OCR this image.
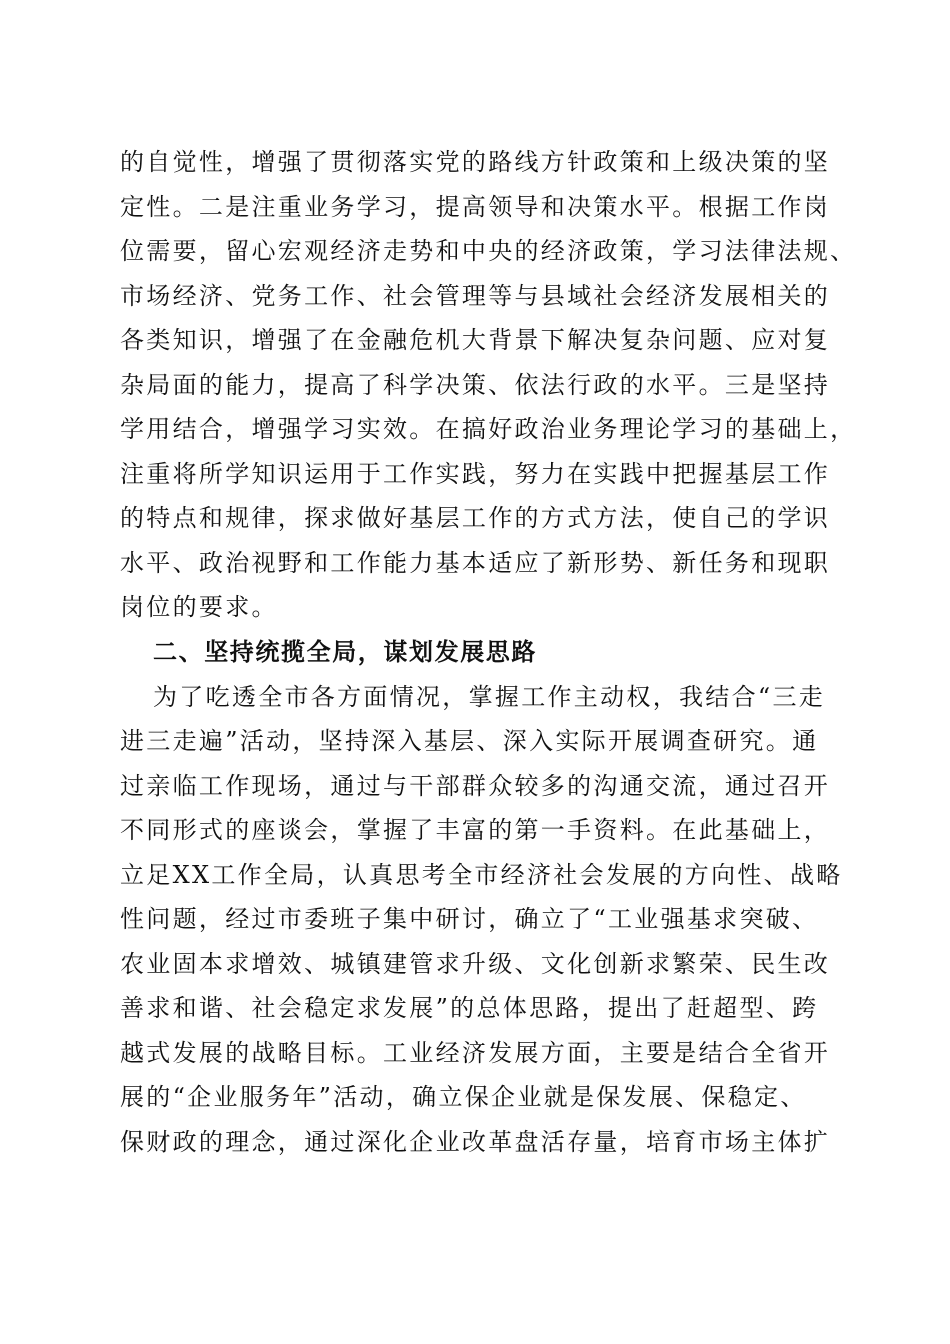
的自觉性，增强了贯彻落实党的路线方针政策和上级决策的坚
定性。二是注重业务学习，提高领导和决策水平。根据工作岗
位需要，留心宏观经济走势和中央的经济政策，学习法律法规、
市场经济、党务工作、社会管理等与县域社会经济发展相关的
各类知识，增强了在金融危机大背景下解决复杂问题、应对复
杂局面的能力，提高了科学决策、依法行政的水平。三是坚持
学用结合，增强学习实效。在搞好政治业务理论学习的基础上，
注重将所学知识运用于工作实践，努力在实践中把握基层工作
的特点和规律，探求做好基层工作的方式方法，使自己的学识
水平、政治视野和工作能力基本适应了新形势、新任务和现职
岗位的要求。
二、坚持统揽全局，谋划发展思路
为了吃透全市各方面情况，掌握工作主动权，我结合“三走
进三走遍”活动，坚持深入基层、深入实际开展调查研究。通
过亲临工作现场，通过与干部群众较多的沟通交流，通过召开
不同形式的座谈会，掌握了丰富的第一手资料。在此基础上，
立足XX工作全局，认真思考全市经济社会发展的方向性、战略
性问题，经过市委班子集中研讨，确立了“工业强基求突破、
农业固本求增效、城镇建管求升级、文化创新求繁荣、民生改
善求和谐、社会稳定求发展”的总体思路，提出了赶超型、跨
越式发展的战略目标。工业经济发展方面，主要是结合全省开
展的“企业服务年”活动，确立保企业就是保发展、保稳定、
保财政的理念，通过深化企业改革盘活存量，培育市场主体扩
